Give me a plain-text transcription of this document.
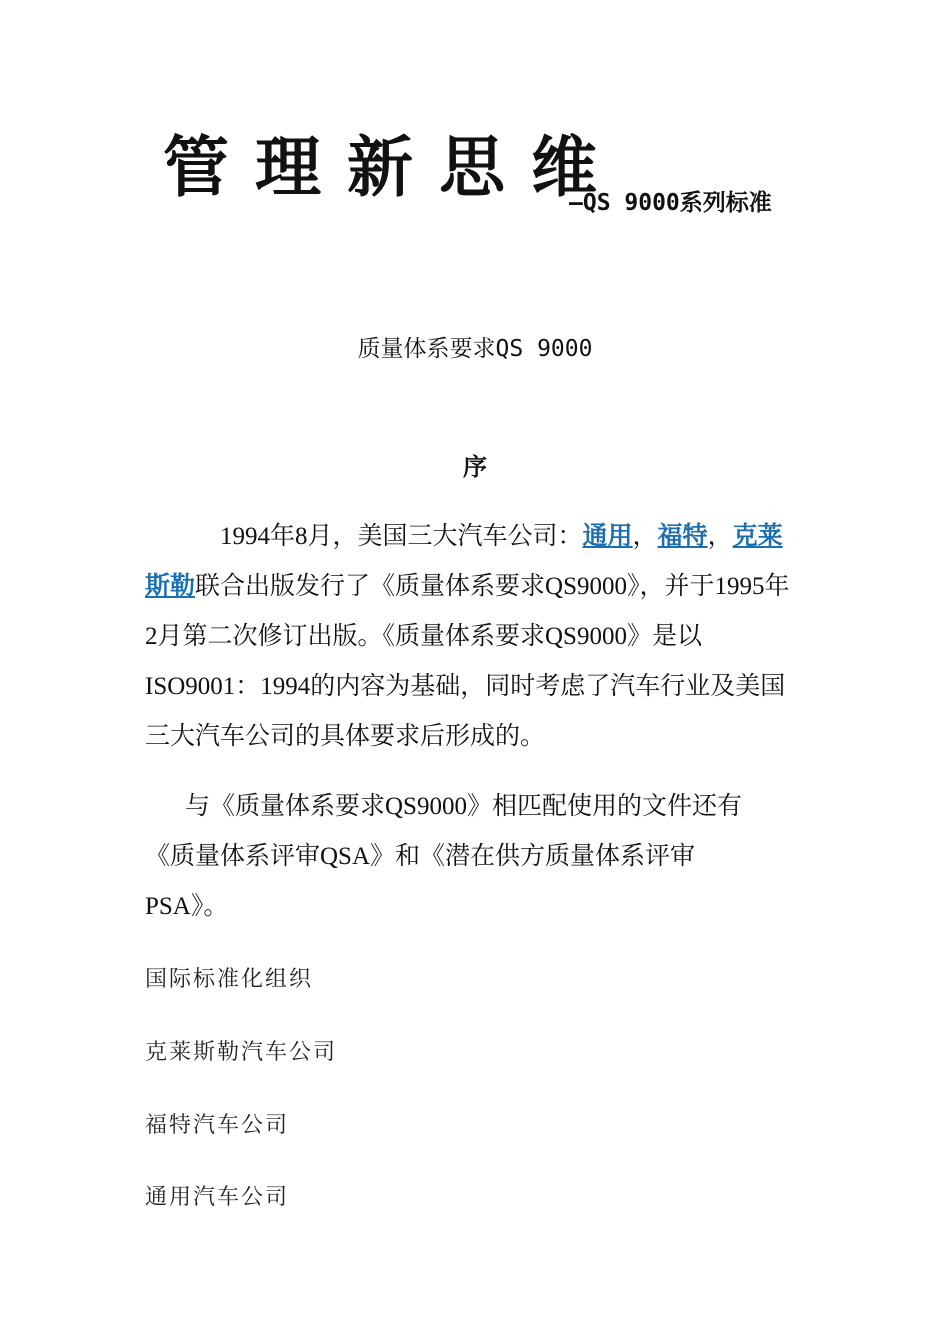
管理新思维
—QS 9000系列标准
质量体系要求QS 9000
序
1994年8月，美国三大汽车公司：通用，福特，克莱斯勒联合出版发行了《质量体系要求QS9000》，并于1995年2月第二次修订出版。《质量体系要求QS9000》是以ISO9001：1994的内容为基础，同时考虑了汽车行业及美国三大汽车公司的具体要求后形成的。
与《质量体系要求QS9000》相匹配使用的文件还有《质量体系评审QSA》和《潜在供方质量体系评审PSA》。
国际标准化组织
克莱斯勒汽车公司
福特汽车公司
通用汽车公司
